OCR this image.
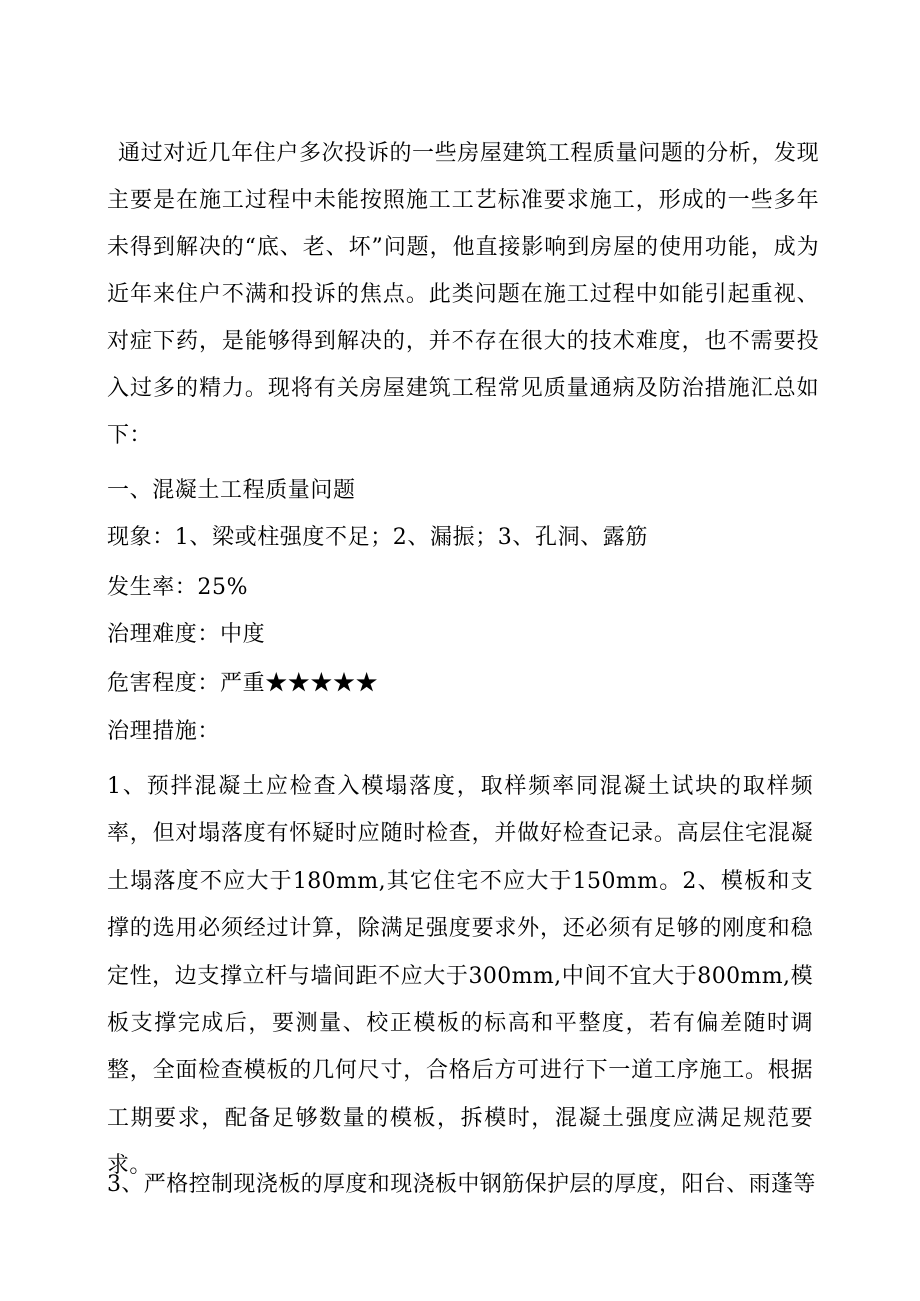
通过对近几年住户多次投诉的一些房屋建筑工程质量问题的分析，发现主要是在施工过程中未能按照施工工艺标准要求施工，形成的一些多年未得到解决的“底、老、坏”问题，他直接影响到房屋的使用功能，成为近年来住户不满和投诉的焦点。此类问题在施工过程中如能引起重视、对症下药，是能够得到解决的，并不存在很大的技术难度，也不需要投入过多的精力。现将有关房屋建筑工程常见质量通病及防治措施汇总如下：

一、混凝土工程质量问题
现象：1、梁或柱强度不足；2、漏振；3、孔洞、露筋
发生率：25%
治理难度：中度
危害程度：严重★★★★★
治理措施：

1、预拌混凝土应检查入模塌落度，取样频率同混凝土试块的取样频率，但对塌落度有怀疑时应随时检查，并做好检查记录。高层住宅混凝土塌落度不应大于180mm,其它住宅不应大于150mm。2、模板和支撑的选用必须经过计算，除满足强度要求外，还必须有足够的刚度和稳定性，边支撑立杆与墙间距不应大于300mm,中间不宜大于800mm,模板支撑完成后，要测量、校正模板的标高和平整度，若有偏差随时调整，全面检查模板的几何尺寸，合格后方可进行下一道工序施工。根据工期要求，配备足够数量的模板，拆模时，混凝土强度应满足规范要求。

3、严格控制现浇板的厚度和现浇板中钢筋保护层的厚度，阳台、雨蓬等
